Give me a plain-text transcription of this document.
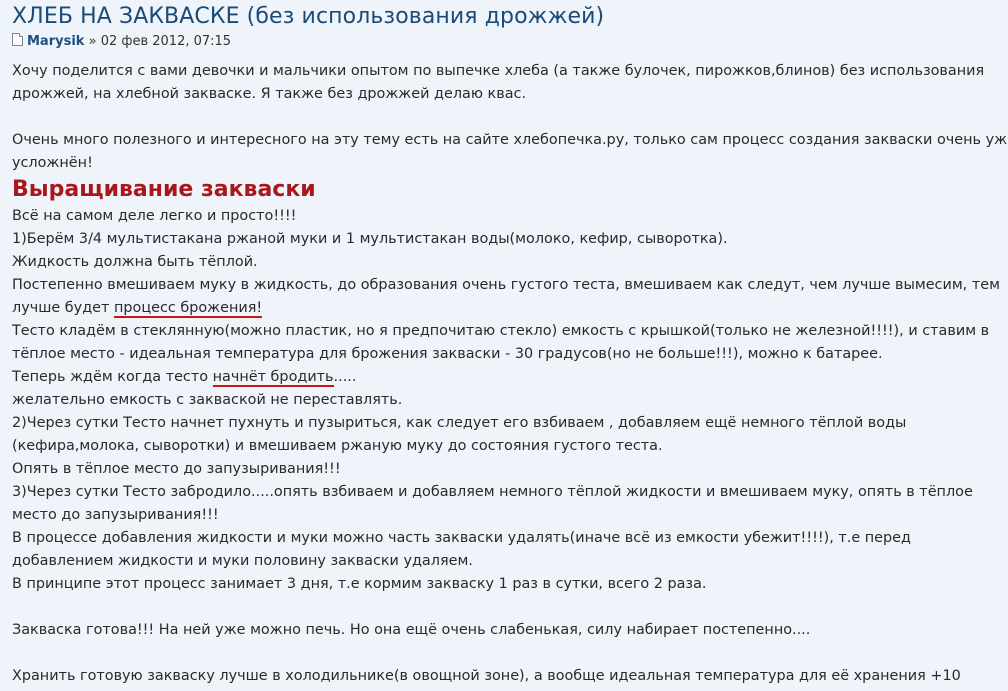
ХЛЕБ НА ЗАКВАСКЕ (без использования дрожжей)
Marysik » 02 фев 2012, 07:15
Хочу поделится с вами девочки и мальчики опытом по выпечке хлеба (а также булочек, пирожков,блинов) без использования
дрожжей, на хлебной закваске. Я также без дрожжей делаю квас.
Очень много полезного и интересного на эту тему есть на сайте хлебопечка.ру, только сам процесс создания закваски очень уж
усложнён!
Выращивание закваски
Всё на самом деле легко и просто!!!!
1)Берём 3/4 мультистакана ржаной муки и 1 мультистакан воды(молоко, кефир, сыворотка).
Жидкость должна быть тёплой.
Постепенно вмешиваем муку в жидкость, до образования очень густого теста, вмешиваем как следут, чем лучше вымесим, тем
лучше будет процесс брожения!
Тесто кладём в стеклянную(можно пластик, но я предпочитаю стекло) емкость с крышкой(только не железной!!!!), и ставим в
тёплое место - идеальная температура для брожения закваски - 30 градусов(но не больше!!!), можно к батарее.
Теперь ждём когда тесто начнёт бродить.....
желательно емкость с закваской не переставлять.
2)Через сутки Тесто начнет пухнуть и пузыриться, как следует его взбиваем , добавляем ещё немного тёплой воды
(кефира,молока, сыворотки) и вмешиваем ржаную муку до состояния густого теста.
Опять в тёплое место до запузыривания!!!
3)Через сутки Тесто забродило.....опять взбиваем и добавляем немного тёплой жидкости и вмешиваем муку, опять в тёплое
место до запузыривания!!!
В процессе добавления жидкости и муки можно часть закваски удалять(иначе всё из емкости убежит!!!!), т.е перед
добавлением жидкости и муки половину закваски удаляем.
В принципе этот процесс занимает 3 дня, т.е кормим закваску 1 раз в сутки, всего 2 раза.
Закваска готова!!! На ней уже можно печь. Но она ещё очень слабенькая, силу набирает постепенно....
Хранить готовую закваску лучше в холодильнике(в овощной зоне), а вообще идеальная температура для её хранения +10
